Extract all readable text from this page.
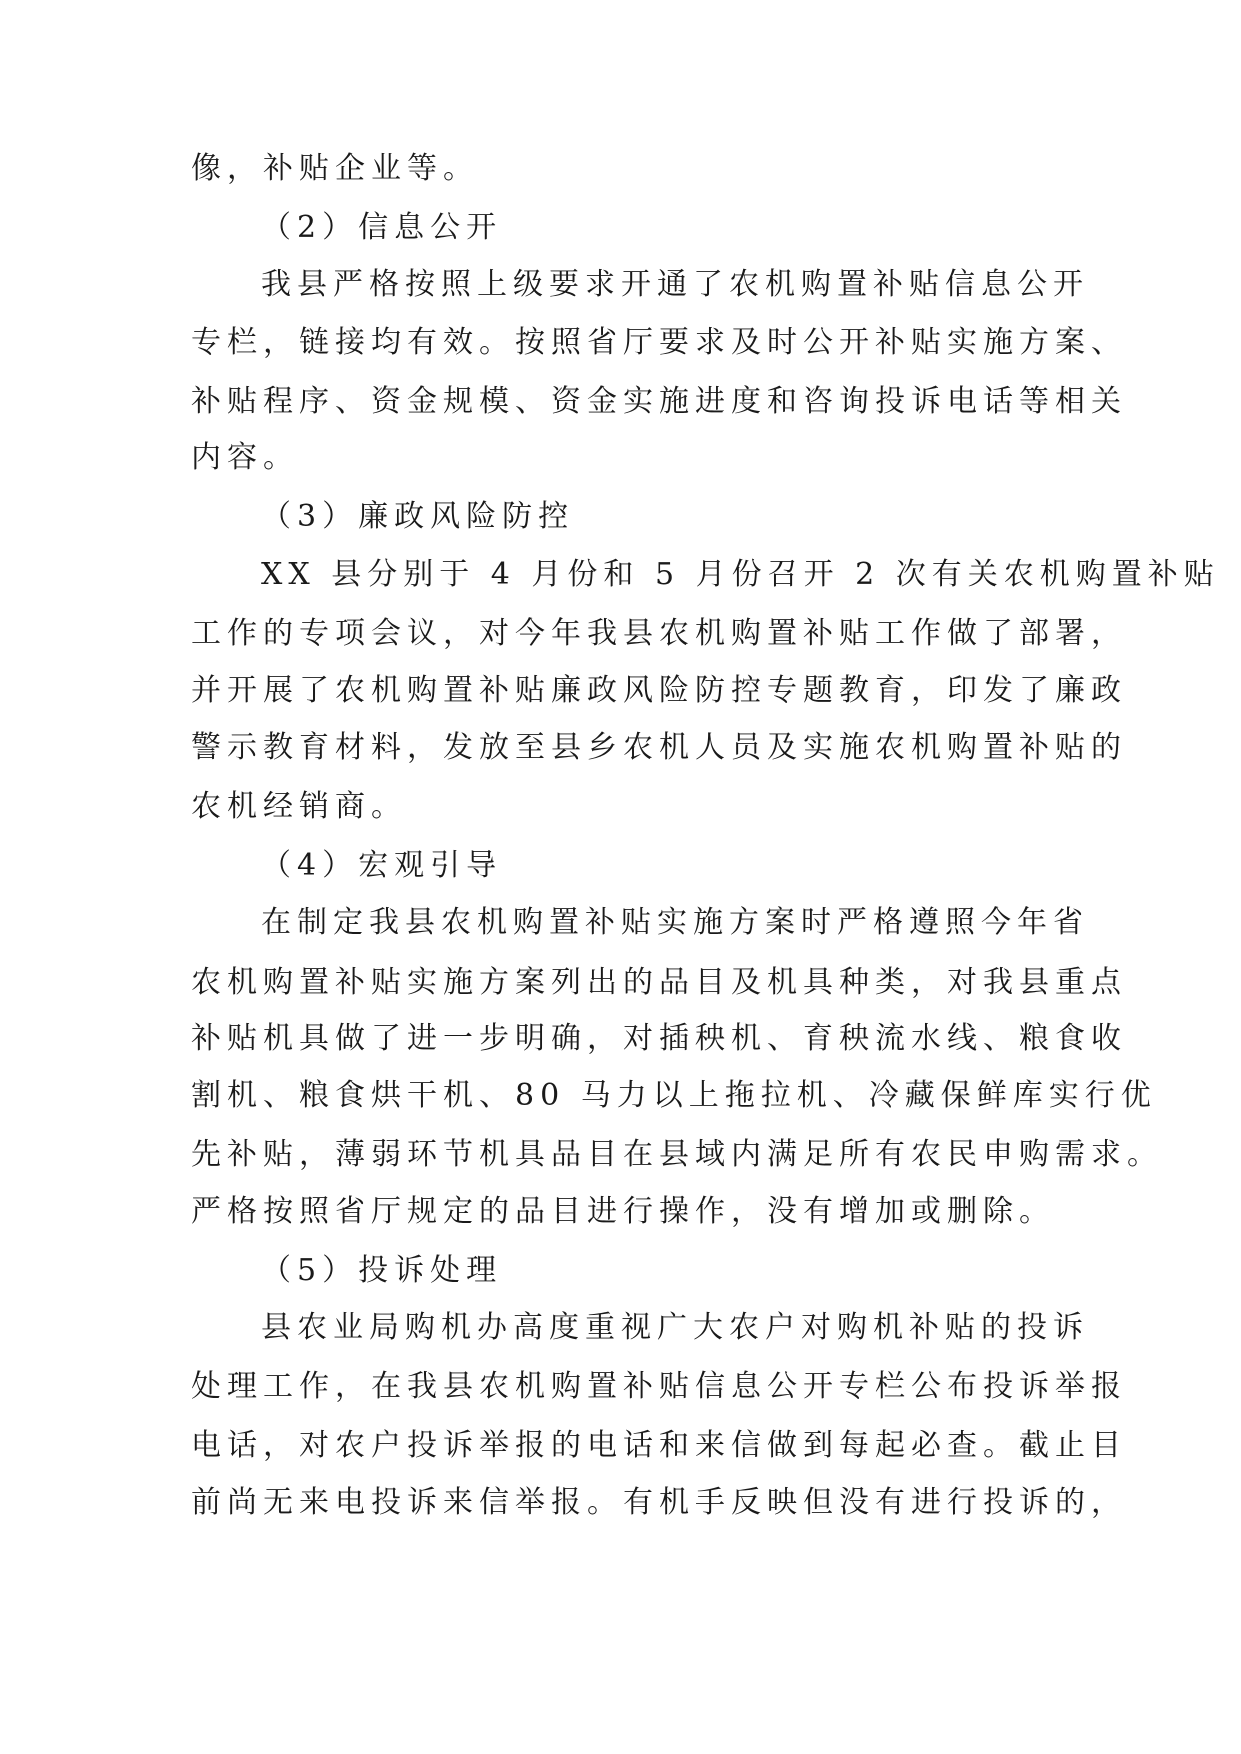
像，补贴企业等。
（2）信息公开
我县严格按照上级要求开通了农机购置补贴信息公开
专栏，链接均有效。按照省厅要求及时公开补贴实施方案、
补贴程序、资金规模、资金实施进度和咨询投诉电话等相关
内容。
（3）廉政风险防控
XX 县分别于 4 月份和 5 月份召开 2 次有关农机购置补贴
工作的专项会议，对今年我县农机购置补贴工作做了部署，
并开展了农机购置补贴廉政风险防控专题教育，印发了廉政
警示教育材料，发放至县乡农机人员及实施农机购置补贴的
农机经销商。
（4）宏观引导
在制定我县农机购置补贴实施方案时严格遵照今年省
农机购置补贴实施方案列出的品目及机具种类，对我县重点
补贴机具做了进一步明确，对插秧机、育秧流水线、粮食收
割机、粮食烘干机、80 马力以上拖拉机、冷藏保鲜库实行优
先补贴，薄弱环节机具品目在县域内满足所有农民申购需求。
严格按照省厅规定的品目进行操作，没有增加或删除。
（5）投诉处理
县农业局购机办高度重视广大农户对购机补贴的投诉
处理工作，在我县农机购置补贴信息公开专栏公布投诉举报
电话，对农户投诉举报的电话和来信做到每起必查。截止目
前尚无来电投诉来信举报。有机手反映但没有进行投诉的，
